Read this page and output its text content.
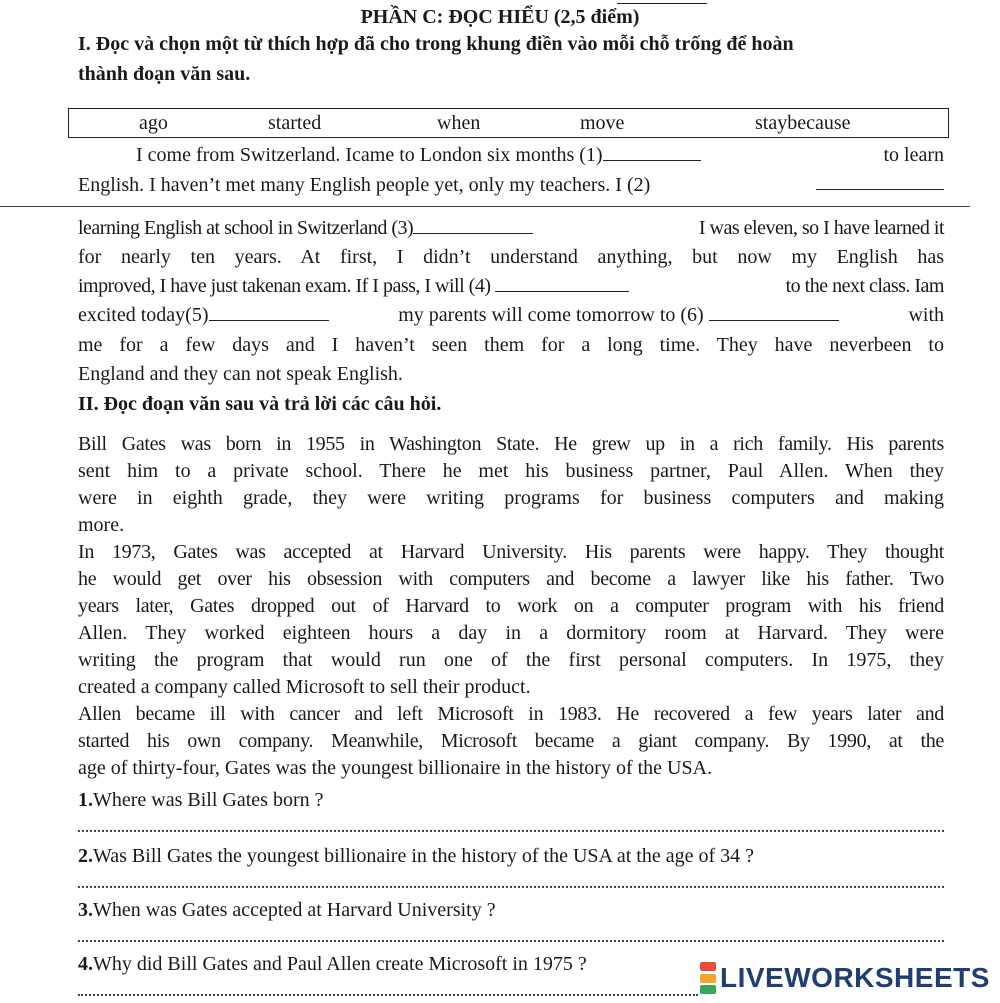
PHẦN C: ĐỌC HIỂU (2,5 điểm)
I. Đọc và chọn một từ thích hợp đã cho trong khung điền vào mỗi chỗ trống để hoàn
thành đoạn văn sau.
ago	started	when	move	staybecause
I come from Switzerland. Icame to London six months (1)	to learn
English. I haven’t met many English people yet, only my teachers. I (2)
learning English at school in Switzerland (3)	I was eleven, so I have learned it
for nearly ten years. At first, I didn’t understand anything, but now my English has
improved, I have just takenan exam. If I pass, I will (4)	to the next class. Iam
excited today(5)	my parents will come tomorrow to (6)	with
me for a few days and I haven’t seen them for a long time. They have neverbeen to
England and they can not speak English.
II. Đọc đoạn văn sau và trả lời các câu hỏi.
Bill Gates was born in 1955 in Washington State. He grew up in a rich family. His parents
sent him to a private school. There he met his business partner, Paul Allen. When they
were in eighth grade, they were writing programs for business computers and making
more.
In 1973, Gates was accepted at Harvard University. His parents were happy. They thought
he would get over his obsession with computers and become a lawyer like his father. Two
years later, Gates dropped out of Harvard to work on a computer program with his friend
Allen. They worked eighteen hours a day in a dormitory room at Harvard. They were
writing the program that would run one of the first personal computers. In 1975, they
created a company called Microsoft to sell their product.
Allen became ill with cancer and left Microsoft in 1983. He recovered a few years later and
started his own company. Meanwhile, Microsoft became a giant company. By 1990, at the
age of thirty-four, Gates was the youngest billionaire in the history of the USA.
1.Where was Bill Gates born ?
2.Was Bill Gates the youngest billionaire in the history of the USA at the age of 34 ?
3.When was Gates accepted at Harvard University ?
4.Why did Bill Gates and Paul Allen create Microsoft in 1975 ?	LIVEWORKSHEETS
